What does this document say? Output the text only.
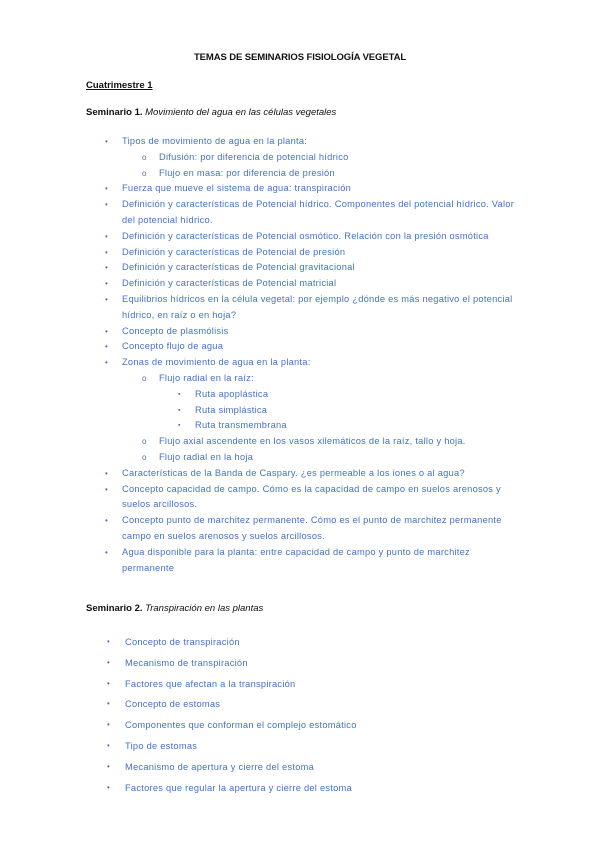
TEMAS DE SEMINARIOS FISIOLOGÍA VEGETAL
Cuatrimestre 1
Seminario 1. Movimiento del agua en las células vegetales
• Tipos de movimiento de agua en la planta:
o Difusión: por diferencia de potencial hídrico
o Flujo en masa: por diferencia de presión
• Fuerza que mueve el sistema de agua: transpiración
• Definición y características de Potencial hídrico. Componentes del potencial hídrico. Valor del potencial hídrico.
• Definición y características de Potencial osmótico. Relación con la presión osmótica
• Definición y características de Potencial de presión
• Definición y características de Potencial gravitacional
• Definición y características de Potencial matricial
• Equilibrios hídricos en la célula vegetal: por ejemplo ¿dónde es más negativo el potencial hídrico, en raíz o en hoja?
• Concepto de plasmólisis
• Concepto flujo de agua
• Zonas de movimiento de agua en la planta:
o Flujo radial en la raíz:
▪ Ruta apoplástica
▪ Ruta simplástica
▪ Ruta transmembrana
o Flujo axial ascendente en los vasos xilemáticos de la raíz, tallo y hoja.
o Flujo radial en la hoja
• Características de la Banda de Caspary. ¿es permeable a los iones o al agua?
• Concepto capacidad de campo. Cómo es la capacidad de campo en suelos arenosos y suelos arcillosos.
• Concepto punto de marchitez permanente. Cómo es el punto de marchitez permanente campo en suelos arenosos y suelos arcillosos.
• Agua disponible para la planta: entre capacidad de campo y punto de marchitez permanente
Seminario 2. Transpiración en las plantas
• Concepto de transpiración
• Mecanismo de transpiración
• Factores que afectan a la transpiración
• Concepto de estomas
• Componentes que conforman el complejo estomático
• Tipo de estomas
• Mecanismo de apertura y cierre del estoma
• Factores que regular la apertura y cierre del estoma
